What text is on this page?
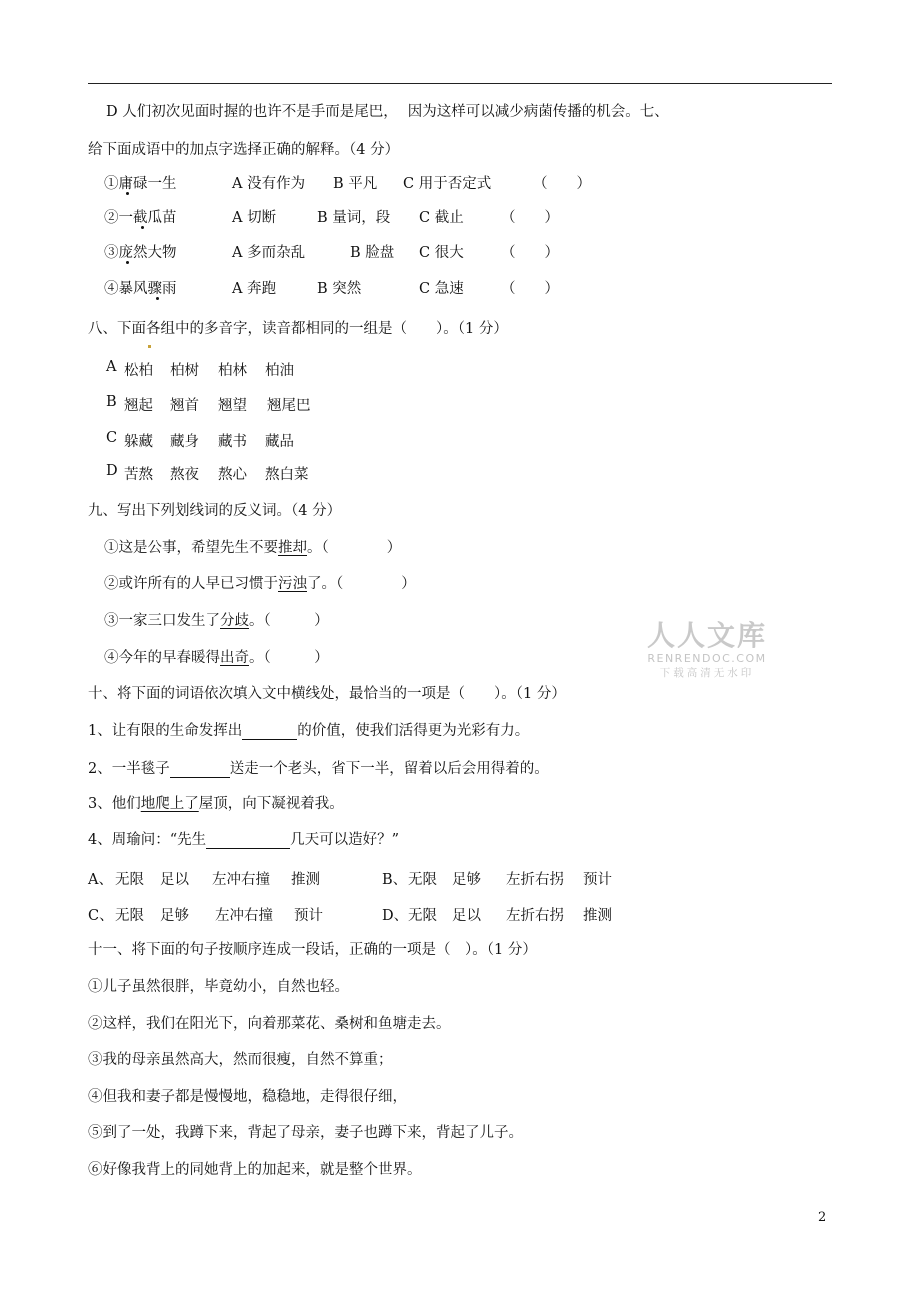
D 人们初次见面时握的也许不是手而是尾巴， 因为这样可以减少病菌传播的机会。七、
给下面成语中的加点字选择正确的解释。（4 分）
①庸碌一生	A 没有作为 B 平凡 C 用于否定式	（　　）
②一截瓜苗	A 切断	B 量词，段 C 截止	（　　）
③庞然大物	A 多而杂乱	B 脸盘 C 很大	（　　）
④暴风骤雨	A 奔跑	B 突然	C 急速	（　　）
八、下面各组中的多音字，读音都相同的一组是（　　）。（1 分）
A 松柏 柏树 柏林 柏油
B 翘起 翘首 翘望 翘尾巴
C 躲藏 藏身 藏书 藏品
D 苦熬 熬夜 熬心 熬白菜
九、写出下列划线词的反义词。（4 分）
①这是公事，希望先生不要推却。（　　　　）
②或许所有的人早已习惯于污浊了。（　　　　）
③一家三口发生了分歧。（　　　）
④今年的早春暖得出奇。（　　　）
人人文库
RENRENDOC.COM
下载高清无水印
十、将下面的词语依次填入文中横线处，最恰当的一项是（　　）。（1 分）
1、让有限的生命发挥出	的价值，使我们活得更为光彩有力。
2、一半毯子	送走一个老头，省下一半，留着以后会用得着的。
3、他们地爬上了屋顶，向下凝视着我。
4、周瑜问：“先生	几天可以造好？”
A、 无限 足以 左冲右撞 推测	B、 无限 足够 左折右拐 预计
C、 无限 足够 左冲右撞 预计	D、 无限 足以 左折右拐 推测
十一、将下面的句子按顺序连成一段话，正确的一项是（　）。（1 分）
①儿子虽然很胖，毕竟幼小，自然也轻。
②这样，我们在阳光下，向着那菜花、桑树和鱼塘走去。
③我的母亲虽然高大，然而很瘦，自然不算重；
④但我和妻子都是慢慢地，稳稳地，走得很仔细，
⑤到了一处，我蹲下来，背起了母亲，妻子也蹲下来，背起了儿子。
⑥好像我背上的同她背上的加起来，就是整个世界。
2
